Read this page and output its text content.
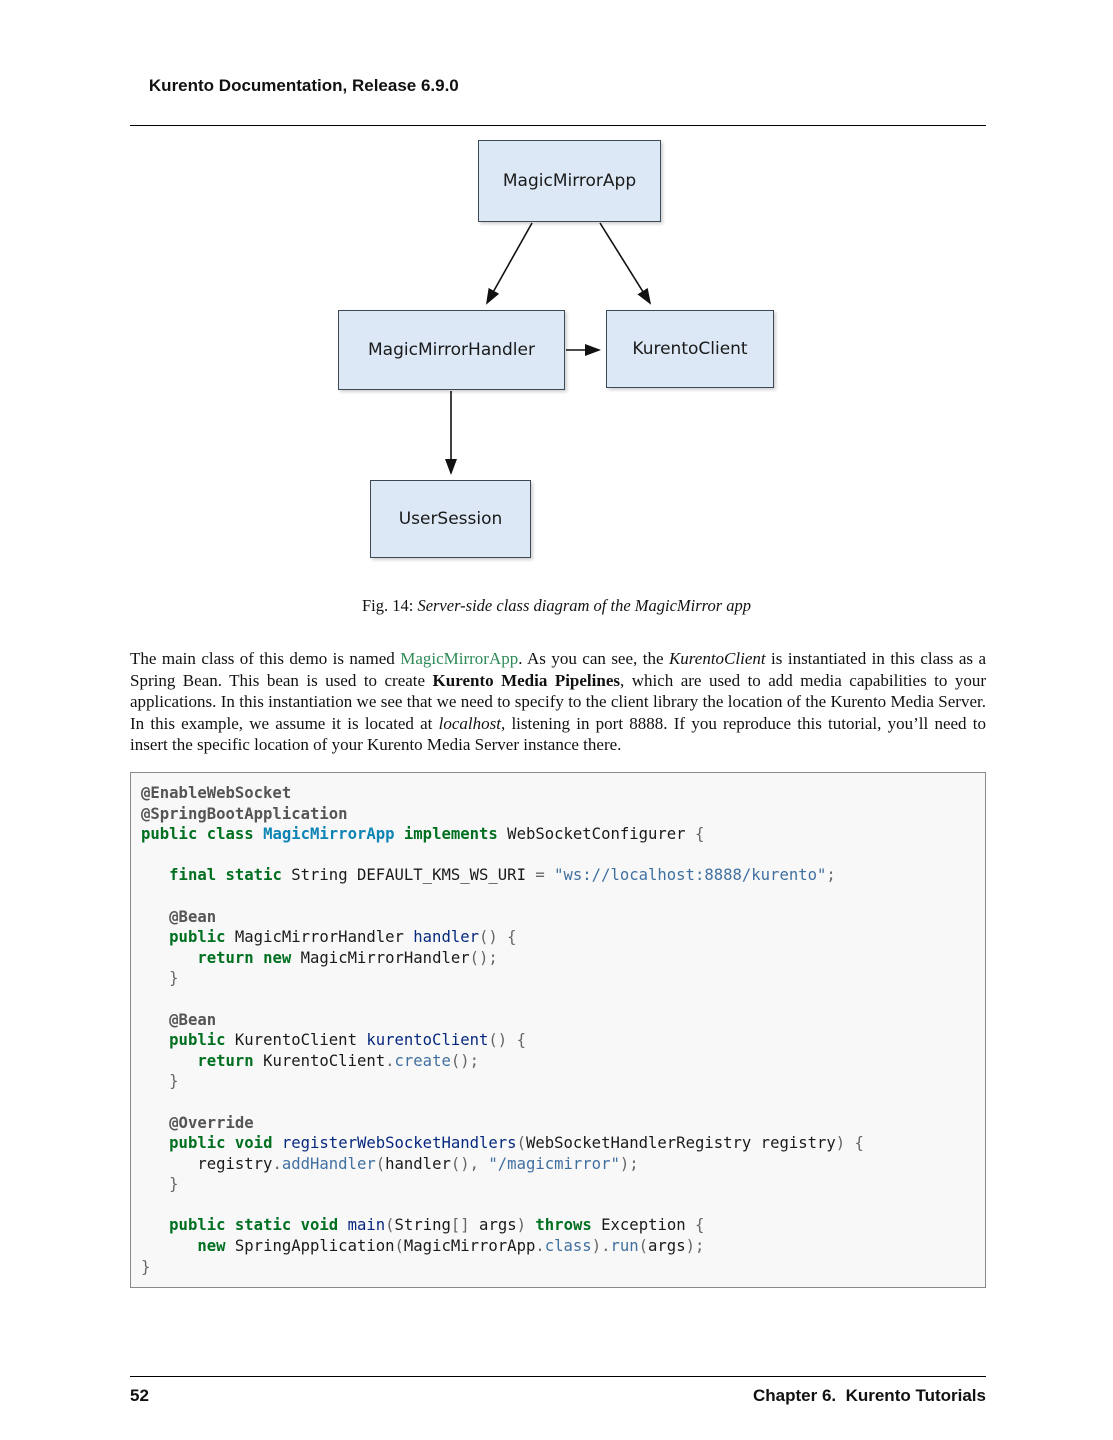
Kurento Documentation, Release 6.9.0

MagicMirrorApp
MagicMirrorHandler	KurentoClient
UserSession
Fig. 14: Server-side class diagram of the MagicMirror app

The main class of this demo is named MagicMirrorApp. As you can see, the KurentoClient is instantiated in this class as a Spring Bean. This bean is used to create Kurento Media Pipelines, which are used to add media capabilities to your applications. In this instantiation we see that we need to specify to the client library the location of the Kurento Media Server. In this example, we assume it is located at localhost, listening in port 8888. If you reproduce this tutorial, you’ll need to insert the specific location of your Kurento Media Server instance there.

@EnableWebSocket
@SpringBootApplication
public class MagicMirrorApp implements WebSocketConfigurer {

final static String DEFAULT_KMS_WS_URI = "ws://localhost:8888/kurento";

@Bean
public MagicMirrorHandler handler() {
return new MagicMirrorHandler();
}

@Bean
public KurentoClient kurentoClient() {
return KurentoClient.create();
}

@Override
public void registerWebSocketHandlers(WebSocketHandlerRegistry registry) {
registry.addHandler(handler(), "/magicmirror");
}

public static void main(String[] args) throws Exception {
new SpringApplication(MagicMirrorApp.class).run(args);
}
52	Chapter 6.  Kurento Tutorials
